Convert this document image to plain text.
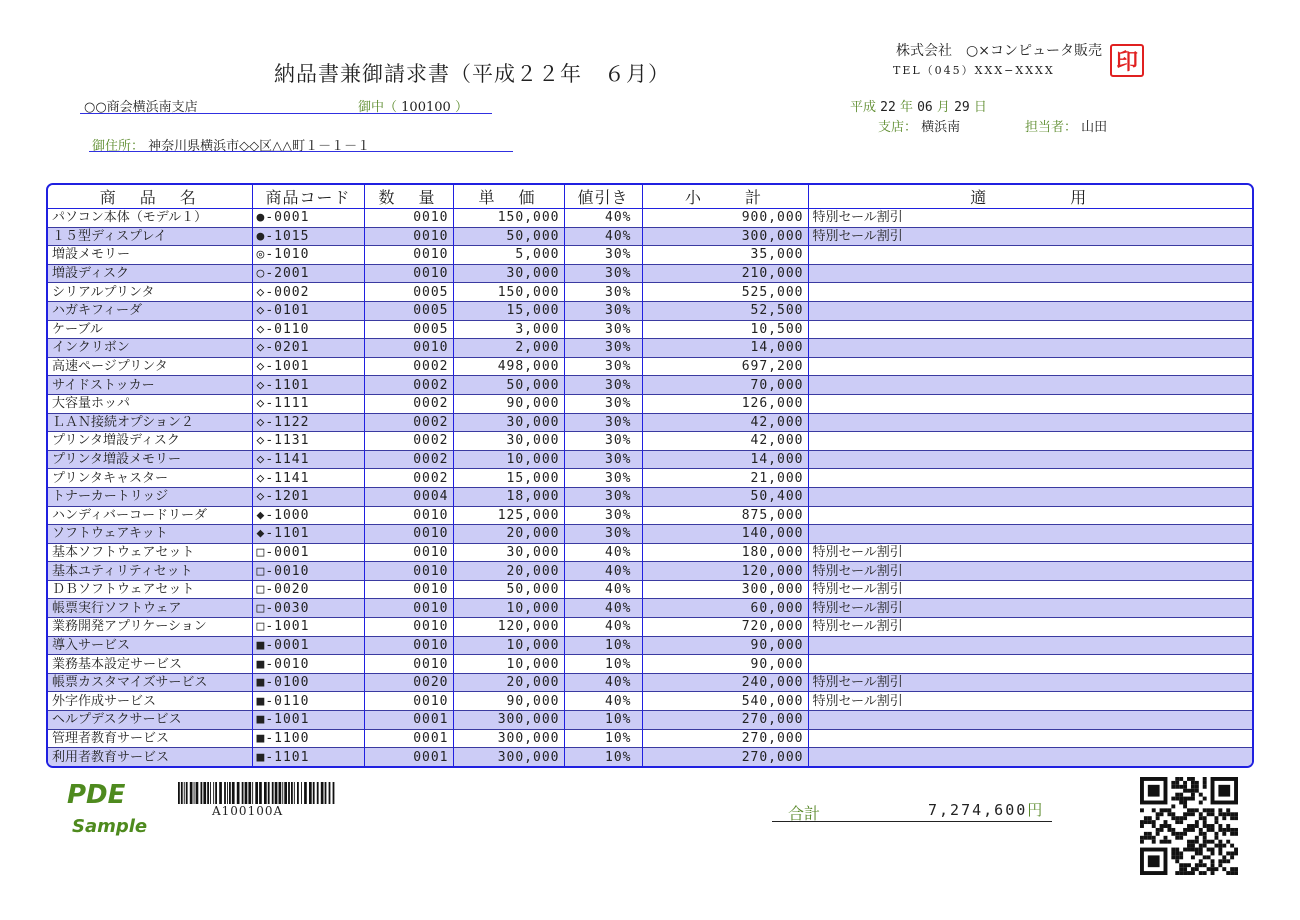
納品書兼御請求書（平成２２年　６月）
株式会社　○×コンピュータ販売
TEL（045）XXX−XXXX	印
○○商会横浜南支店	御中（ 100100 ）
御住所： 神奈川県横浜市◇◇区△△町１－１－１
平成 22 年 06 月 29 日
支店： 横浜南	担当者： 山田
商　品　名	商品コード	数　量	単　価	値引き	小　　計	適　　　　用
パソコン本体（モデル１）	●-0001	0010	150,000	40%	900,000	特別セール割引
１５型ディスプレイ	●-1015	0010	50,000	40%	300,000	特別セール割引
増設メモリー	◎-1010	0010	5,000	30%	35,000	
増設ディスク	○-2001	0010	30,000	30%	210,000	
シリアルプリンタ	◇-0002	0005	150,000	30%	525,000	
ハガキフィーダ	◇-0101	0005	15,000	30%	52,500	
ケーブル	◇-0110	0005	3,000	30%	10,500	
インクリボン	◇-0201	0010	2,000	30%	14,000	
高速ページプリンタ	◇-1001	0002	498,000	30%	697,200	
サイドストッカー	◇-1101	0002	50,000	30%	70,000	
大容量ホッパ	◇-1111	0002	90,000	30%	126,000	
ＬＡＮ接続オプション２	◇-1122	0002	30,000	30%	42,000	
プリンタ増設ディスク	◇-1131	0002	30,000	30%	42,000	
プリンタ増設メモリー	◇-1141	0002	10,000	30%	14,000	
プリンタキャスター	◇-1141	0002	15,000	30%	21,000	
トナーカートリッジ	◇-1201	0004	18,000	30%	50,400	
ハンディバーコードリーダ	◆-1000	0010	125,000	30%	875,000	
ソフトウェアキット	◆-1101	0010	20,000	30%	140,000	
基本ソフトウェアセット	□-0001	0010	30,000	40%	180,000	特別セール割引
基本ユティリティセット	□-0010	0010	20,000	40%	120,000	特別セール割引
ＤＢソフトウェアセット	□-0020	0010	50,000	40%	300,000	特別セール割引
帳票実行ソフトウェア	□-0030	0010	10,000	40%	60,000	特別セール割引
業務開発アプリケーション	□-1001	0010	120,000	40%	720,000	特別セール割引
導入サービス	■-0001	0010	10,000	10%	90,000	
業務基本設定サービス	■-0010	0010	10,000	10%	90,000	
帳票カスタマイズサービス	■-0100	0020	20,000	40%	240,000	特別セール割引
外字作成サービス	■-0110	0010	90,000	40%	540,000	特別セール割引
ヘルプデスクサービス	■-1001	0001	300,000	10%	270,000	
管理者教育サービス	■-1100	0001	300,000	10%	270,000	
利用者教育サービス	■-1101	0001	300,000	10%	270,000	
PDE
Sample
A100100A	合計	7,274,600円
